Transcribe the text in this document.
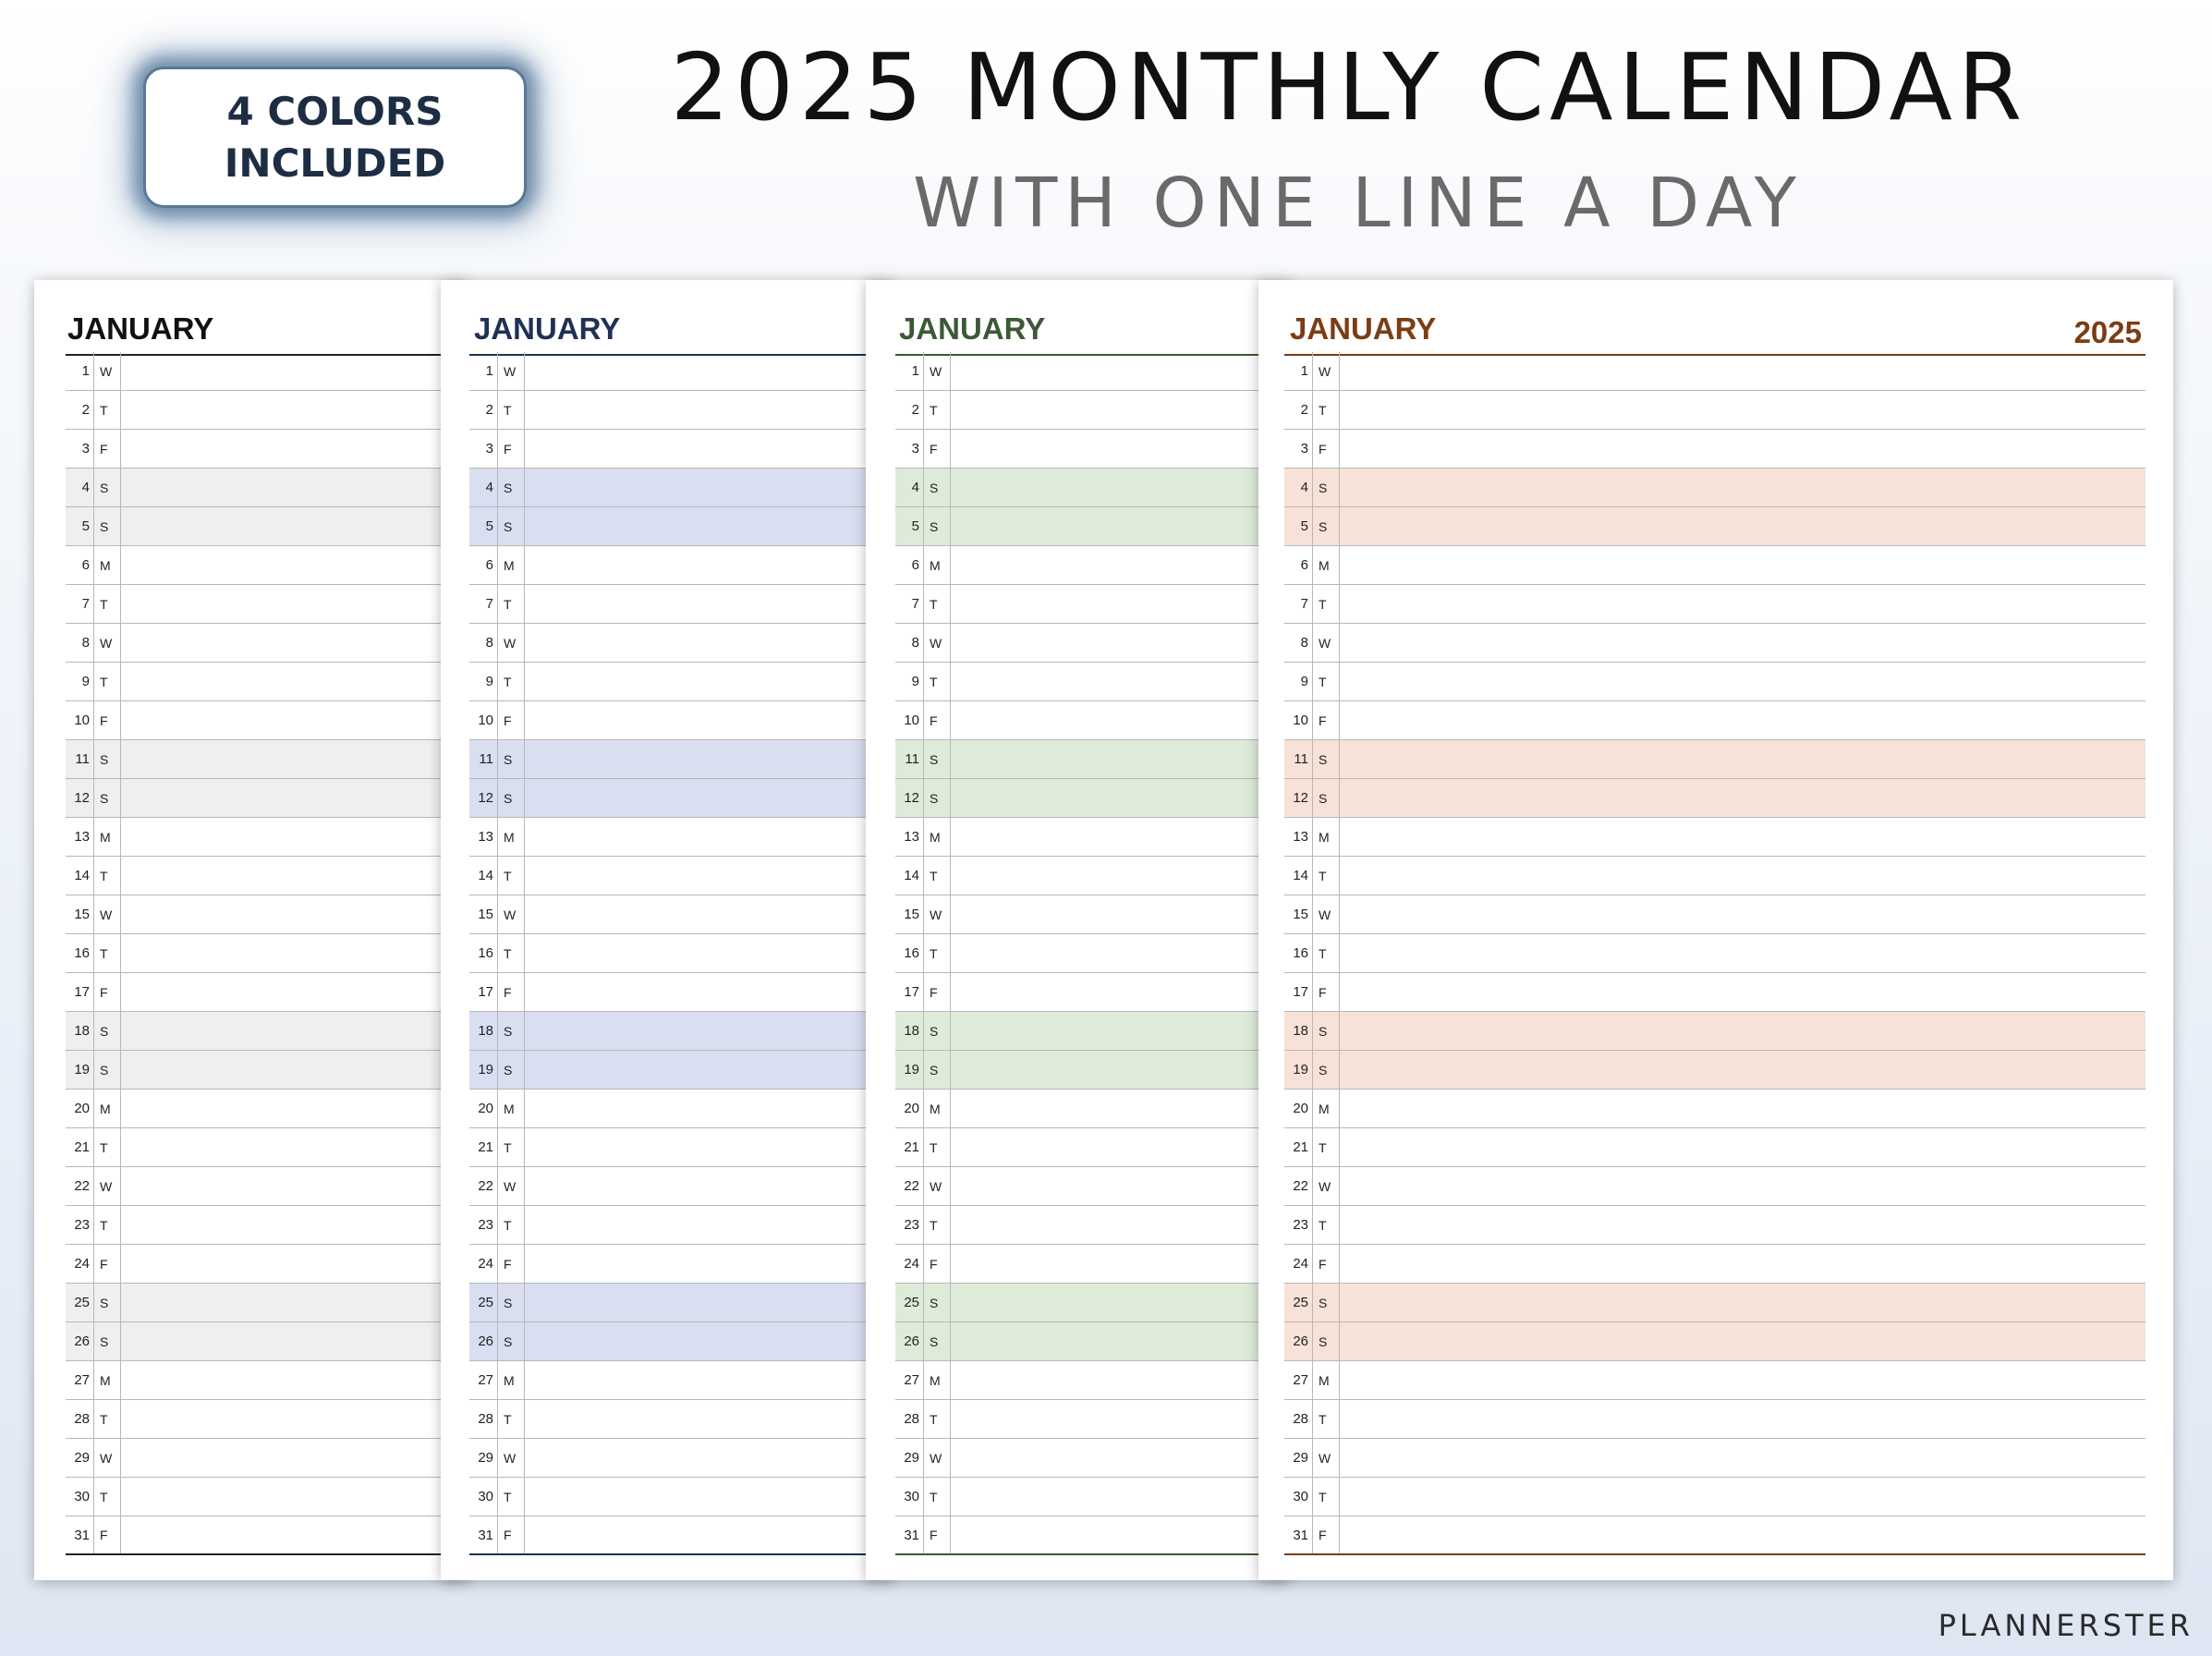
4 COLORS
INCLUDED
2025 MONTHLY CALENDAR
WITH ONE LINE A DAY
JANUARY
1 W
2 T
3 F
4 S
5 S
6 M
7 T
8 W
9 T
10 F
11 S
12 S
13 M
14 T
15 W
16 T
17 F
18 S
19 S
20 M
21 T
22 W
23 T
24 F
25 S
26 S
27 M
28 T
29 W
30 T
31 F
JANUARY
1 W
2 T
3 F
4 S
5 S
6 M
7 T
8 W
9 T
10 F
11 S
12 S
13 M
14 T
15 W
16 T
17 F
18 S
19 S
20 M
21 T
22 W
23 T
24 F
25 S
26 S
27 M
28 T
29 W
30 T
31 F
JANUARY
1 W
2 T
3 F
4 S
5 S
6 M
7 T
8 W
9 T
10 F
11 S
12 S
13 M
14 T
15 W
16 T
17 F
18 S
19 S
20 M
21 T
22 W
23 T
24 F
25 S
26 S
27 M
28 T
29 W
30 T
31 F
JANUARY	2025
1 W
2 T
3 F
4 S
5 S
6 M
7 T
8 W
9 T
10 F
11 S
12 S
13 M
14 T
15 W
16 T
17 F
18 S
19 S
20 M
21 T
22 W
23 T
24 F
25 S
26 S
27 M
28 T
29 W
30 T
31 F
PLANNERSTER
